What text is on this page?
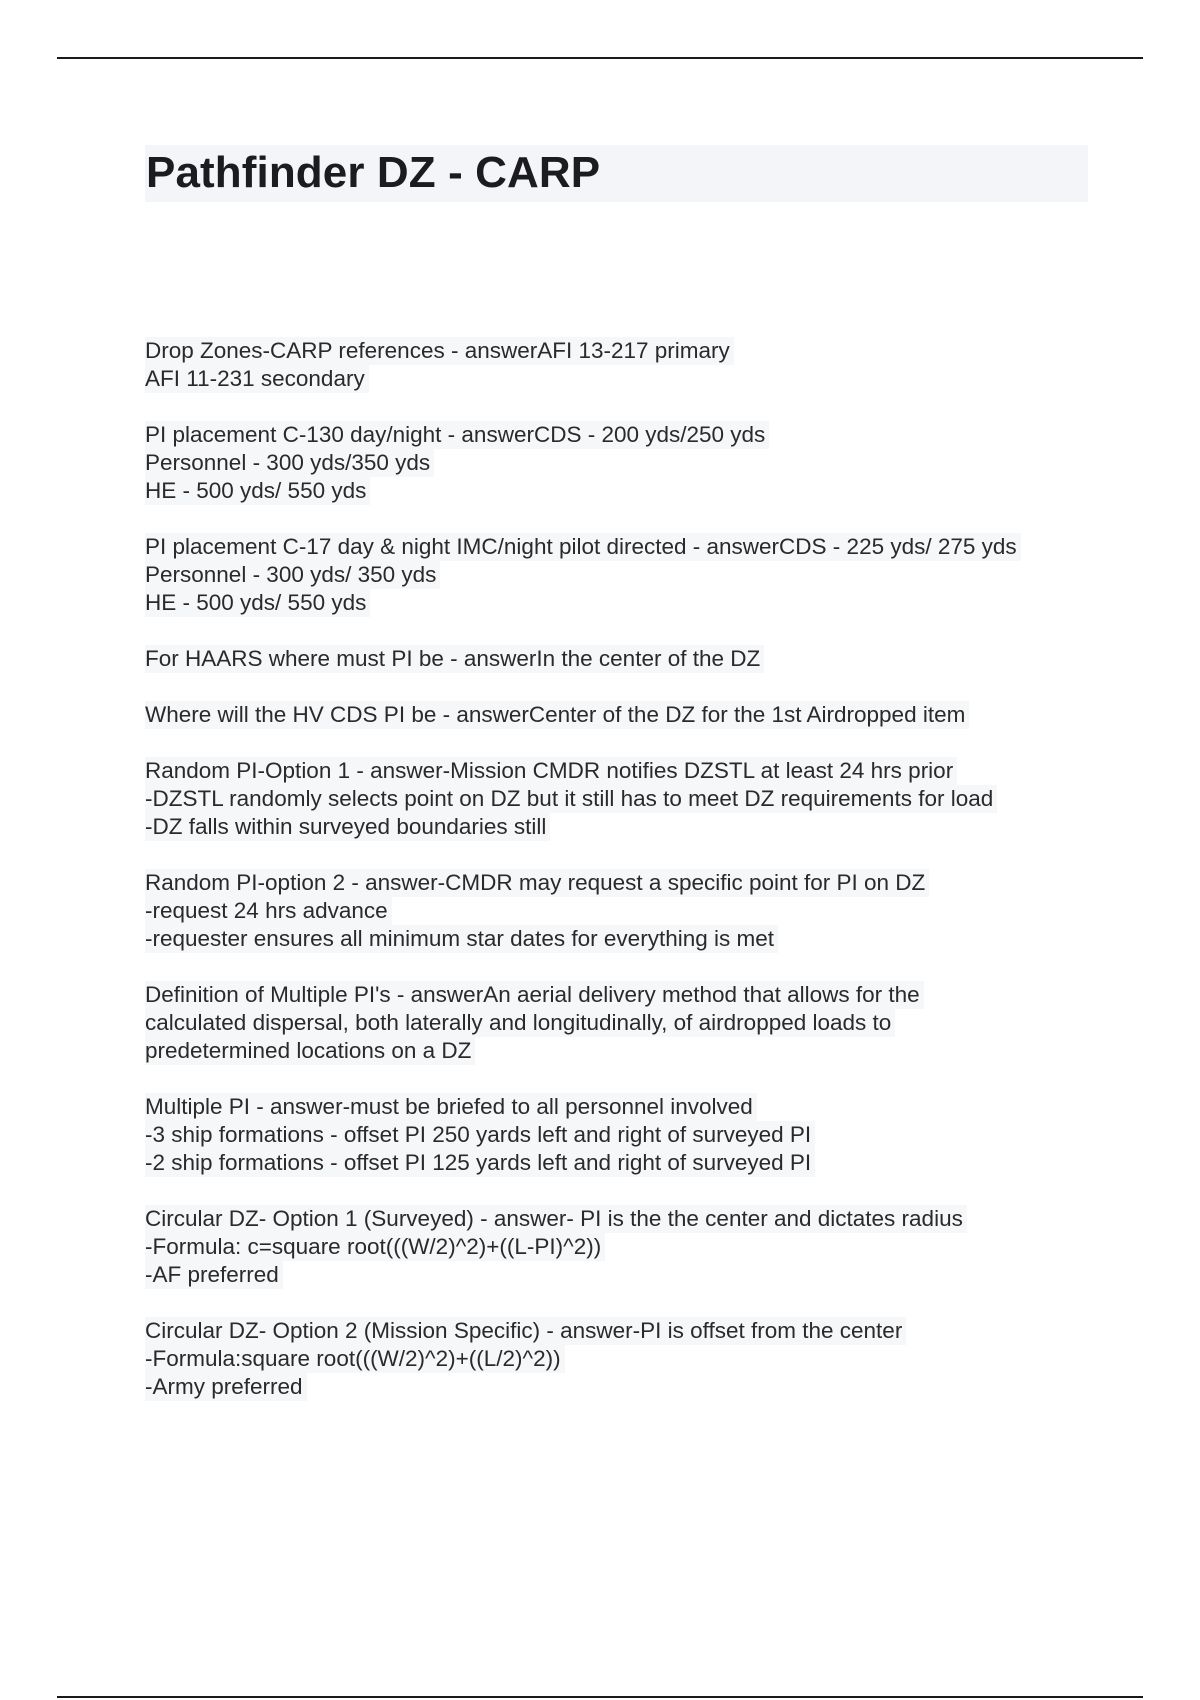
Pathfinder DZ - CARP
Drop Zones-CARP references - answerAFI 13-217 primary
AFI 11-231 secondary
PI placement C-130 day/night - answerCDS - 200 yds/250 yds
Personnel - 300 yds/350 yds
HE - 500 yds/ 550 yds
PI placement C-17 day & night IMC/night pilot directed - answerCDS - 225 yds/ 275 yds
Personnel - 300 yds/ 350 yds
HE - 500 yds/ 550 yds
For HAARS where must PI be - answerIn the center of the DZ
Where will the HV CDS PI be - answerCenter of the DZ for the 1st Airdropped item
Random PI-Option 1 - answer-Mission CMDR notifies DZSTL at least 24 hrs prior
-DZSTL randomly selects point on DZ but it still has to meet DZ requirements for load
-DZ falls within surveyed boundaries still
Random PI-option 2 - answer-CMDR may request a specific point for PI on DZ
-request 24 hrs advance
-requester ensures all minimum star dates for everything is met
Definition of Multiple PI's - answerAn aerial delivery method that allows for the
calculated dispersal, both laterally and longitudinally, of airdropped loads to
predetermined locations on a DZ
Multiple PI - answer-must be briefed to all personnel involved
-3 ship formations - offset PI 250 yards left and right of surveyed PI
-2 ship formations - offset PI 125 yards left and right of surveyed PI
Circular DZ- Option 1 (Surveyed) - answer- PI is the the center and dictates radius
-Formula: c=square root(((W/2)^2)+((L-PI)^2))
-AF preferred
Circular DZ- Option 2 (Mission Specific) - answer-PI is offset from the center
-Formula:square root(((W/2)^2)+((L/2)^2))
-Army preferred
